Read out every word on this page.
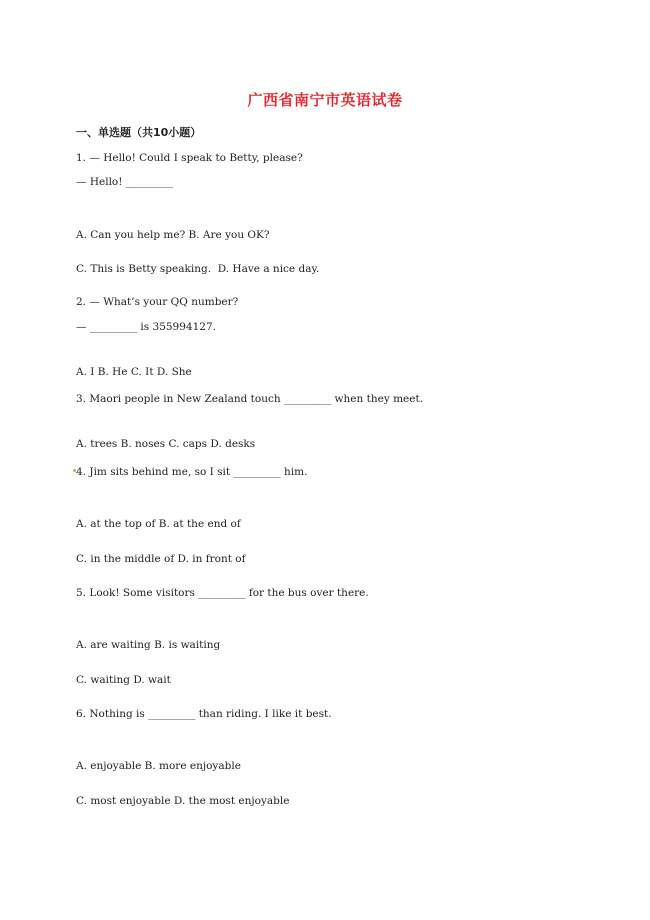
广西省南宁市英语试卷
一、单选题（共10小题）
1. — Hello! Could I speak to Betty, please?
— Hello! _________
A. Can you help me? B. Are you OK?
C. This is Betty speaking.  D. Have a nice day.
2. — What’s your QQ number?
— _________ is 355994127.
A. I B. He C. It D. She
3. Maori people in New Zealand touch _________ when they meet.
A. trees B. noses C. caps D. desks
4. Jim sits behind me, so I sit _________ him.
A. at the top of B. at the end of
C. in the middle of D. in front of
5. Look! Some visitors _________ for the bus over there.
A. are waiting B. is waiting
C. waiting D. wait
6. Nothing is _________ than riding. I like it best.
A. enjoyable B. more enjoyable
C. most enjoyable D. the most enjoyable
